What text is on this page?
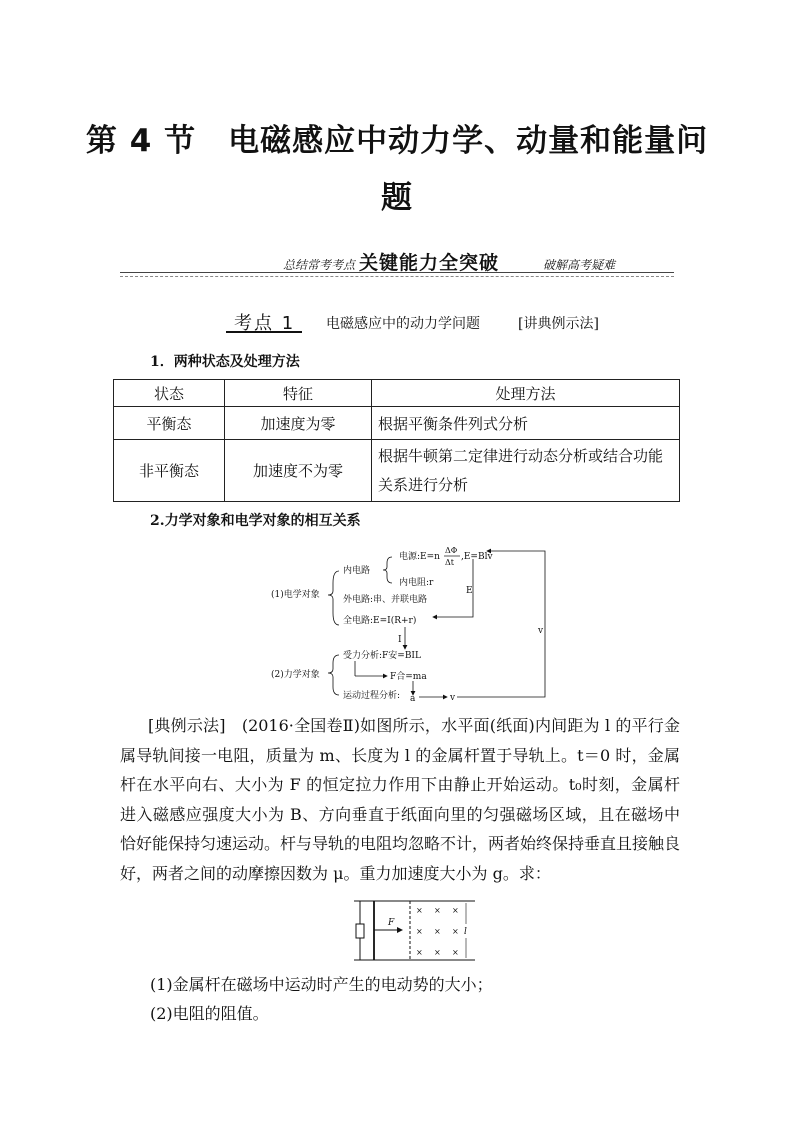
第 4 节　电磁感应中动力学、动量和能量问
题
总结常考考点 关键能力全突破	破解高考疑难
考点 1 电磁感应中的动力学问题	[讲典例示法]
1．两种状态及处理方法
状态	特征	处理方法
平衡态	加速度为零	根据平衡条件列式分析
非平衡态	加速度不为零	根据牛顿第二定律进行动态分析或结合功能关系进行分析
2.力学对象和电学对象的相互关系
(1)电学对象
内电路
电源:E=n
ΔΦ
Δt
,E=Blv
内电阻:r
外电路:串、并联电路
全电路:E=I(R+r)
E
I
(2)力学对象
受力分析:F安=BIL
F合=ma
运动过程分析: a	v
v
[典例示法]　(2016·全国卷Ⅱ)如图所示，水平面(纸面)内间距为 l 的平行金属导轨间接一电阻，质量为 m、长度为 l 的金属杆置于导轨上。t＝0 时，金属杆在水平向右、大小为 F 的恒定拉力作用下由静止开始运动。t₀时刻，金属杆进入磁感应强度大小为 B、方向垂直于纸面向里的匀强磁场区域，且在磁场中恰好能保持匀速运动。杆与导轨的电阻均忽略不计，两者始终保持垂直且接触良好，两者之间的动摩擦因数为 μ。重力加速度大小为 g。求：
F
l
× × ×
× × ×
× × ×
(1)金属杆在磁场中运动时产生的电动势的大小；
(2)电阻的阻值。
